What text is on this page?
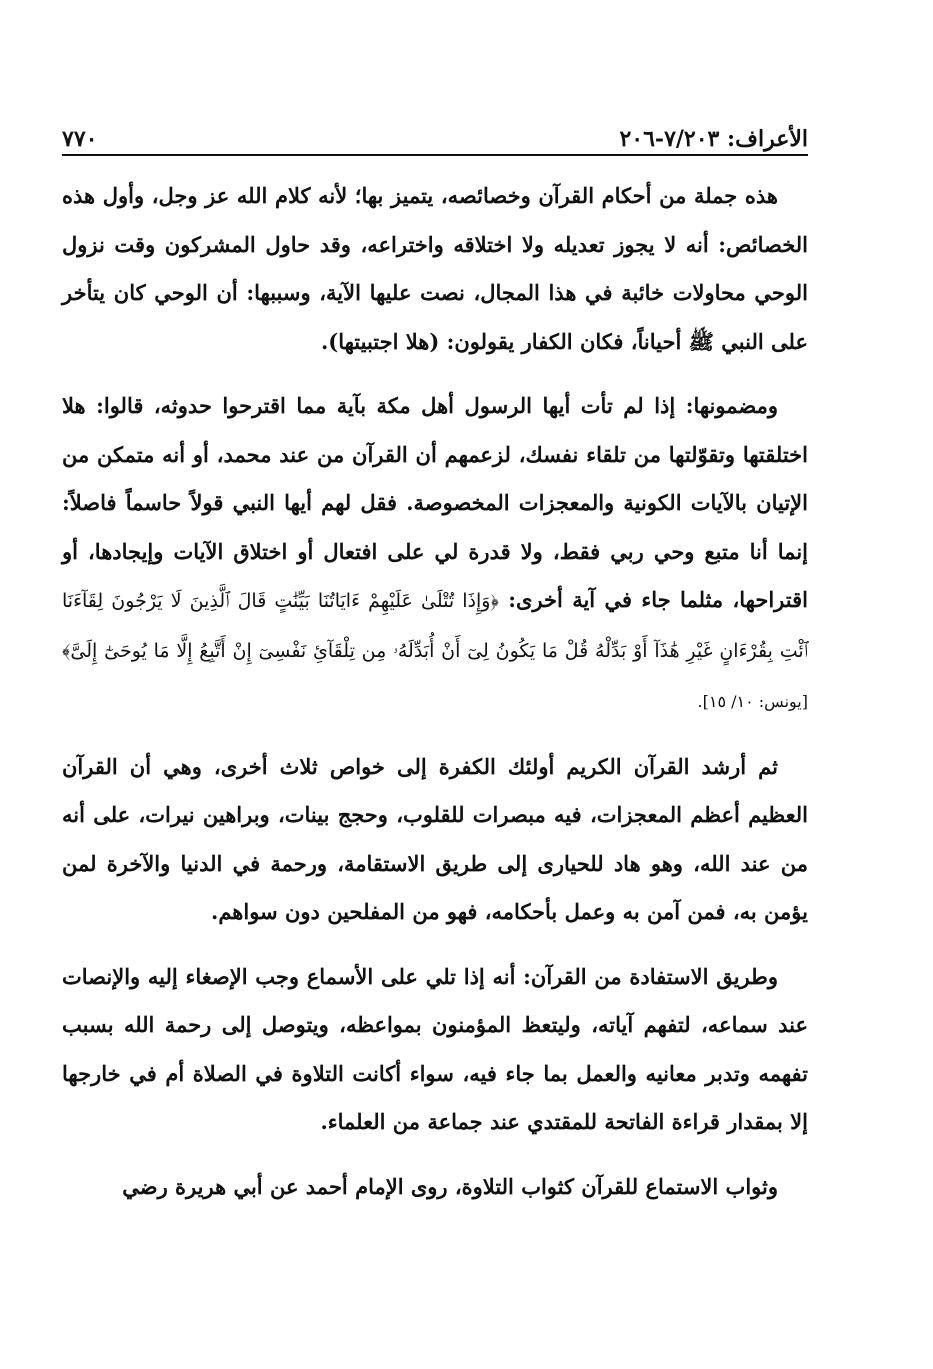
الأعراف: ٧/٢٠٣-٢٠٦
٧٧٠

هذه جملة من أحكام القرآن وخصائصه، يتميز بها؛ لأنه كلام الله عز وجل، وأول هذه الخصائص: أنه لا يجوز تعديله ولا اختلاقه واختراعه، وقد حاول المشركون وقت نزول الوحي محاولات خائبة في هذا المجال، نصت عليها الآية، وسببها: أن الوحي كان يتأخر على النبي ﷺ أحياناً، فكان الكفار يقولون: (هلا اجتبيتها).

ومضمونها: إذا لم تأت أيها الرسول أهل مكة بآية مما اقترحوا حدوثه، قالوا: هلا اختلقتها وتقوّلتها من تلقاء نفسك، لزعمهم أن القرآن من عند محمد، أو أنه متمكن من الإتيان بالآيات الكونية والمعجزات المخصوصة. فقل لهم أيها النبي قولاً حاسماً فاصلاً: إنما أنا متبع وحي ربي فقط، ولا قدرة لي على افتعال أو اختلاق الآيات وإيجادها، أو اقتراحها، مثلما جاء في آية أخرى: ﴿وَإِذَا تُتْلَىٰ عَلَيْهِمْ ءَايَاتُنَا بَيِّنَٰتٍ قَالَ ٱلَّذِينَ لَا يَرْجُونَ لِقَآءَنَا ٱئْتِ بِقُرْءَانٍ غَيْرِ هَٰذَآ أَوْ بَدِّلْهُ قُلْ مَا يَكُونُ لِىٓ أَنْ أُبَدِّلَهُۥ مِن تِلْقَآئِ نَفْسِىٓ إِنْ أَتَّبِعُ إِلَّا مَا يُوحَىٰٓ إِلَىَّ﴾ [يونس: ١٠/ ١٥].

ثم أرشد القرآن الكريم أولئك الكفرة إلى خواص ثلاث أخرى، وهي أن القرآن العظيم أعظم المعجزات، فيه مبصرات للقلوب، وحجج بينات، وبراهين نيرات، على أنه من عند الله، وهو هاد للحيارى إلى طريق الاستقامة، ورحمة في الدنيا والآخرة لمن يؤمن به، فمن آمن به وعمل بأحكامه، فهو من المفلحين دون سواهم.

وطريق الاستفادة من القرآن: أنه إذا تلي على الأسماع وجب الإصغاء إليه والإنصات عند سماعه، لتفهم آياته، وليتعظ المؤمنون بمواعظه، ويتوصل إلى رحمة الله بسبب تفهمه وتدبر معانيه والعمل بما جاء فيه، سواء أكانت التلاوة في الصلاة أم في خارجها إلا بمقدار قراءة الفاتحة للمقتدي عند جماعة من العلماء.

وثواب الاستماع للقرآن كثواب التلاوة، روى الإمام أحمد عن أبي هريرة رضي
